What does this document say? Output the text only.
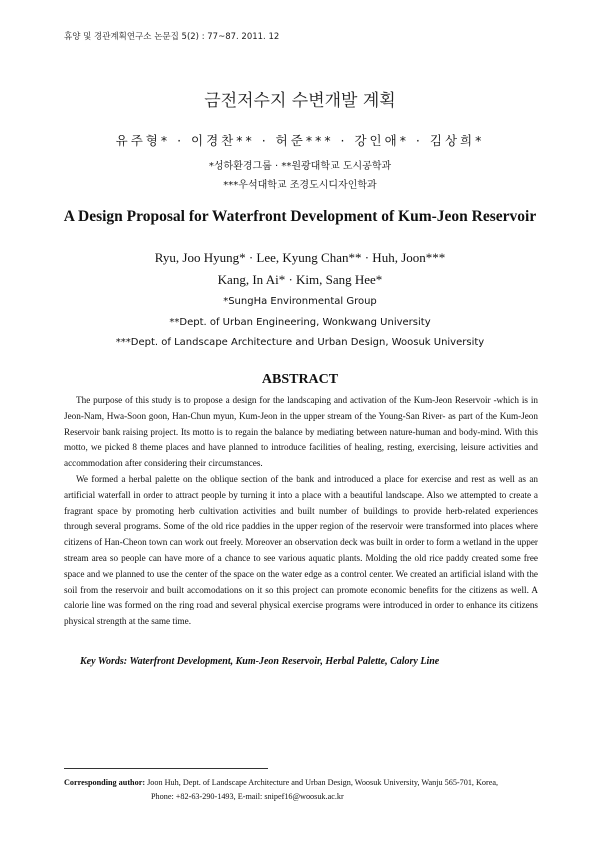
휴양 및 경관계획연구소 논문집 5(2) : 77~87. 2011. 12
금전저수지 수변개발 계획
유주형* · 이경찬** · 허준*** · 강인애* · 김상희*
*성하환경그룹 · **원광대학교 도시공학과
***우석대학교 조경도시디자인학과
A Design Proposal for Waterfront Development of Kum-Jeon Reservoir
Ryu, Joo Hyung* · Lee, Kyung Chan** · Huh, Joon***
Kang, In Ai* · Kim, Sang Hee*
*SungHa Environmental Group
**Dept. of Urban Engineering, Wonkwang University
***Dept. of Landscape Architecture and Urban Design, Woosuk University
ABSTRACT

The purpose of this study is to propose a design for the landscaping and activation of the Kum-Jeon Reservoir -which is in Jeon-Nam, Hwa-Soon goon, Han-Chun myun, Kum-Jeon in the upper stream of the Young-San River- as part of the Kum-Jeon Reservoir bank raising project. Its motto is to regain the balance by mediating between nature-human and body-mind. With this motto, we picked 8 theme places and have planned to introduce facilities of healing, resting, exercising, leisure activities and accommodation after considering their circumstances.

We formed a herbal palette on the oblique section of the bank and introduced a place for exercise and rest as well as an artificial waterfall in order to attract people by turning it into a place with a beautiful landscape. Also we attempted to create a fragrant space by promoting herb cultivation activities and built number of buildings to provide herb-related experiences through several programs. Some of the old rice paddies in the upper region of the reservoir were transformed into places where citizens of Han-Cheon town can work out freely. Moreover an observation deck was built in order to form a wetland in the upper stream area so people can have more of a chance to see various aquatic plants. Molding the old rice paddy created some free space and we planned to use the center of the space on the water edge as a control center. We created an artificial island with the soil from the reservoir and built accomodations on it so this project can promote economic benefits for the citizens as well. A calorie line was formed on the ring road and several physical exercise programs were introduced in order to enhance its citizens physical strength at the same time.

Key Words: Waterfront Development, Kum-Jeon Reservoir, Herbal Palette, Calory Line
Corresponding author: Joon Huh, Dept. of Landscape Architecture and Urban Design, Woosuk University, Wanju 565-701, Korea,
Phone: +82-63-290-1493, E-mail: snipef16@woosuk.ac.kr
